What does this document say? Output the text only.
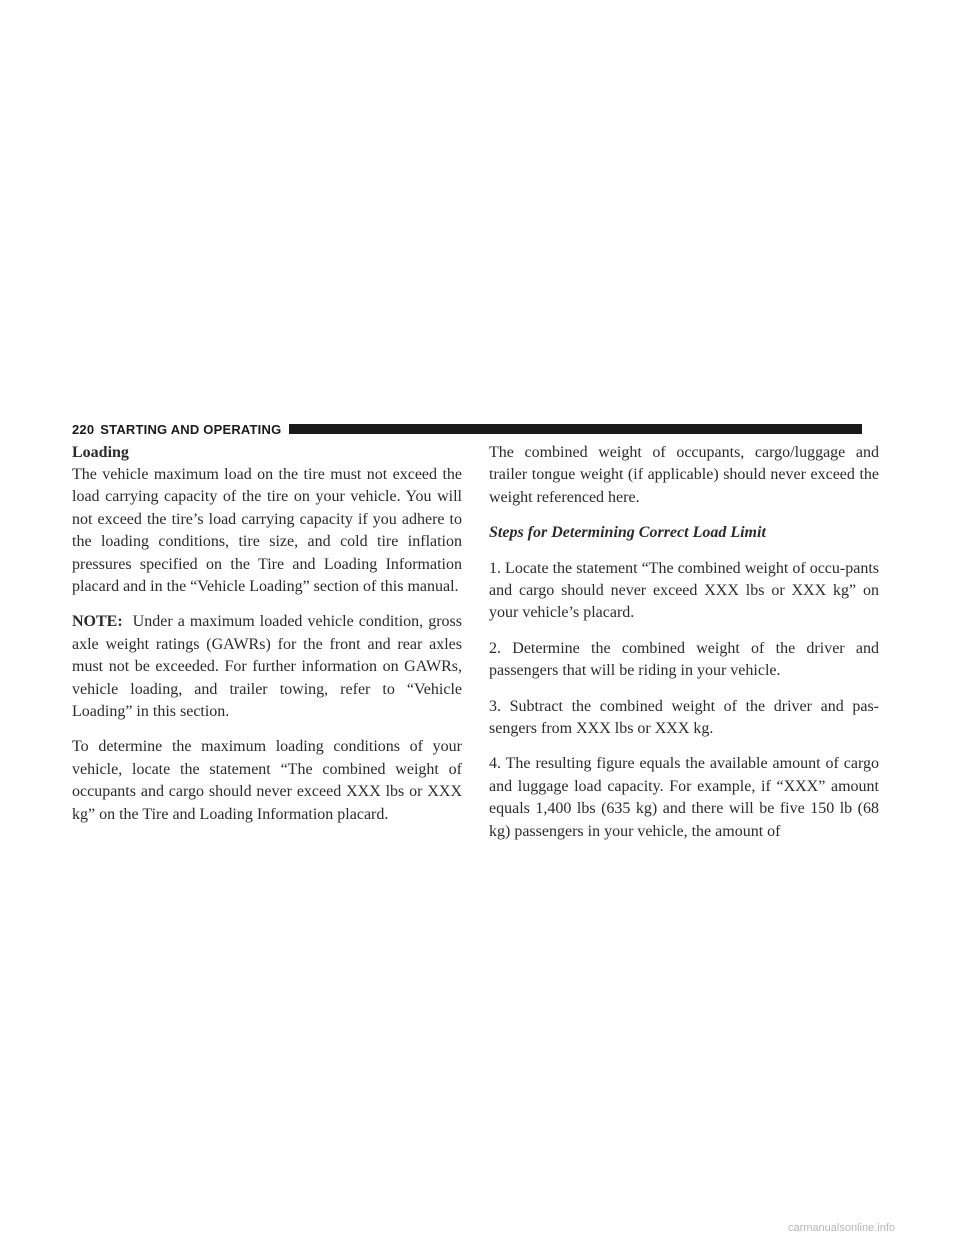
220 STARTING AND OPERATING
Loading

The vehicle maximum load on the tire must not exceed the load carrying capacity of the tire on your vehicle. You will not exceed the tire’s load carrying capacity if you adhere to the loading conditions, tire size, and cold tire inflation pressures specified on the Tire and Loading Information placard and in the “Vehicle Loading” section of this manual.

NOTE: Under a maximum loaded vehicle condition, gross axle weight ratings (GAWRs) for the front and rear axles must not be exceeded. For further information on GAWRs, vehicle loading, and trailer towing, refer to “Vehicle Loading” in this section.

To determine the maximum loading conditions of your vehicle, locate the statement “The combined weight of occupants and cargo should never exceed XXX lbs or XXX kg” on the Tire and Loading Information placard.

The combined weight of occupants, cargo/luggage and trailer tongue weight (if applicable) should never exceed the weight referenced here.

Steps for Determining Correct Load Limit

1. Locate the statement “The combined weight of occu-pants and cargo should never exceed XXX lbs or XXX kg” on your vehicle’s placard.

2. Determine the combined weight of the driver and passengers that will be riding in your vehicle.

3. Subtract the combined weight of the driver and pas-sengers from XXX lbs or XXX kg.

4. The resulting figure equals the available amount of cargo and luggage load capacity. For example, if “XXX” amount equals 1,400 lbs (635 kg) and there will be five 150 lb (68 kg) passengers in your vehicle, the amount of

carmanualsonline.info
